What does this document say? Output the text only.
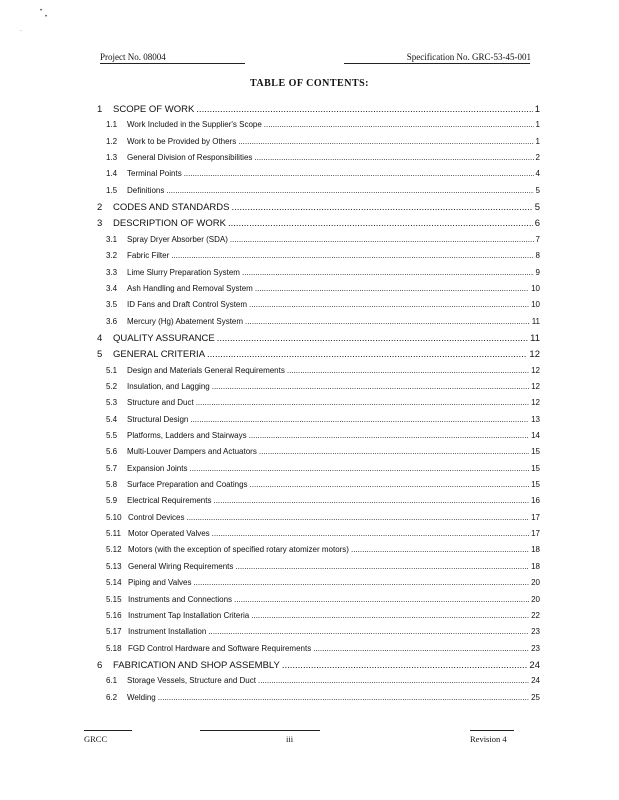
•
•
·
Project No. 08004	Specification No. GRC-53-45-001
TABLE OF CONTENTS:
1	SCOPE OF WORK .....	1
1.1	Work Included in the Supplier's Scope .....	1
1.2	Work to be Provided by Others .....	1
1.3	General Division of Responsibilities .....	2
1.4	Terminal Points .....	4
1.5	Definitions .....	5
2	CODES AND STANDARDS .....	5
3	DESCRIPTION OF WORK .....	6
3.1	Spray Dryer Absorber (SDA) .....	7
3.2	Fabric Filter .....	8
3.3	Lime Slurry Preparation System .....	9
3.4	Ash Handling and Removal System .....	10
3.5	ID Fans and Draft Control System .....	10
3.6	Mercury (Hg) Abatement System .....	11
4	QUALITY ASSURANCE .....	11
5	GENERAL CRITERIA .....	12
5.1	Design and Materials General Requirements .....	12
5.2	Insulation, and Lagging .....	12
5.3	Structure and Duct .....	12
5.4	Structural Design .....	13
5.5	Platforms, Ladders and Stairways .....	14
5.6	Multi-Louver Dampers and Actuators .....	15
5.7	Expansion Joints .....	15
5.8	Surface Preparation and Coatings .....	15
5.9	Electrical Requirements .....	16
5.10 Control Devices .....	17
5.11 Motor Operated Valves .....	17
5.12 Motors (with the exception of specified rotary atomizer motors) .....	18
5.13 General Wiring Requirements .....	18
5.14 Piping and Valves .....	20
5.15 Instruments and Connections .....	20
5.16 Instrument Tap Installation Criteria .....	22
5.17 Instrument Installation .....	23
5.18 FGD Control Hardware and Software Requirements .....	23
6	FABRICATION AND SHOP ASSEMBLY .....	24
6.1	Storage Vessels, Structure and Duct .....	24
6.2	Welding .....	25
GRCC	iii	Revision 4
